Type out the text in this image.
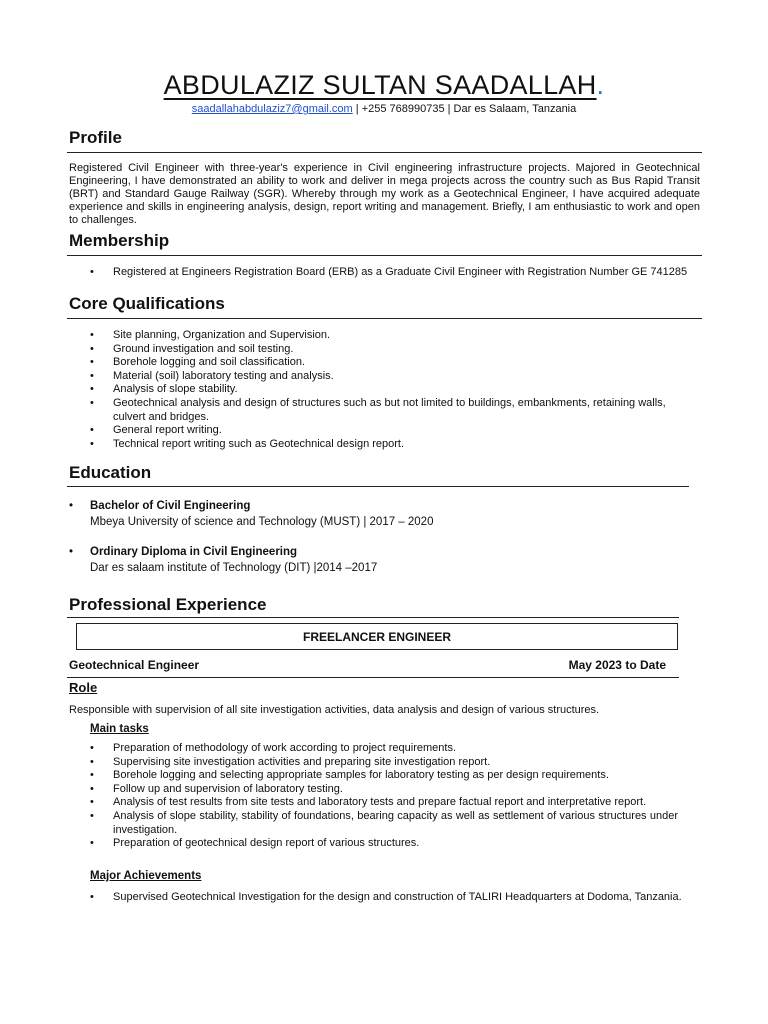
ABDULAZIZ SULTAN SAADALLAH.
saadallahabdulaziz7@gmail.com | +255 768990735 | Dar es Salaam, Tanzania
Profile
Registered Civil Engineer with three-year's experience in Civil engineering infrastructure projects. Majored in Geotechnical Engineering, I have demonstrated an ability to work and deliver in mega projects across the country such as Bus Rapid Transit (BRT) and Standard Gauge Railway (SGR). Whereby through my work as a Geotechnical Engineer, I have acquired adequate experience and skills in engineering analysis, design, report writing and management. Briefly, I am enthusiastic to work and open to challenges.
Membership
• Registered at Engineers Registration Board (ERB) as a Graduate Civil Engineer with Registration Number GE 741285
Core Qualifications
• Site planning, Organization and Supervision.
• Ground investigation and soil testing.
• Borehole logging and soil classification.
• Material (soil) laboratory testing and analysis.
• Analysis of slope stability.
• Geotechnical analysis and design of structures such as but not limited to buildings, embankments, retaining walls, culvert and bridges.
• General report writing.
• Technical report writing such as Geotechnical design report.
Education
• Bachelor of Civil Engineering
Mbeya University of science and Technology (MUST) | 2017 – 2020
• Ordinary Diploma in Civil Engineering
Dar es salaam institute of Technology (DIT) |2014 –2017
Professional Experience
FREELANCER ENGINEER
Geotechnical Engineer	May 2023 to Date
Role
Responsible with supervision of all site investigation activities, data analysis and design of various structures.
Main tasks
• Preparation of methodology of work according to project requirements.
• Supervising site investigation activities and preparing site investigation report.
• Borehole logging and selecting appropriate samples for laboratory testing as per design requirements.
• Follow up and supervision of laboratory testing.
• Analysis of test results from site tests and laboratory tests and prepare factual report and interpretative report.
• Analysis of slope stability, stability of foundations, bearing capacity as well as settlement of various structures under investigation.
• Preparation of geotechnical design report of various structures.
Major Achievements
• Supervised Geotechnical Investigation for the design and construction of TALIRI Headquarters at Dodoma, Tanzania.
